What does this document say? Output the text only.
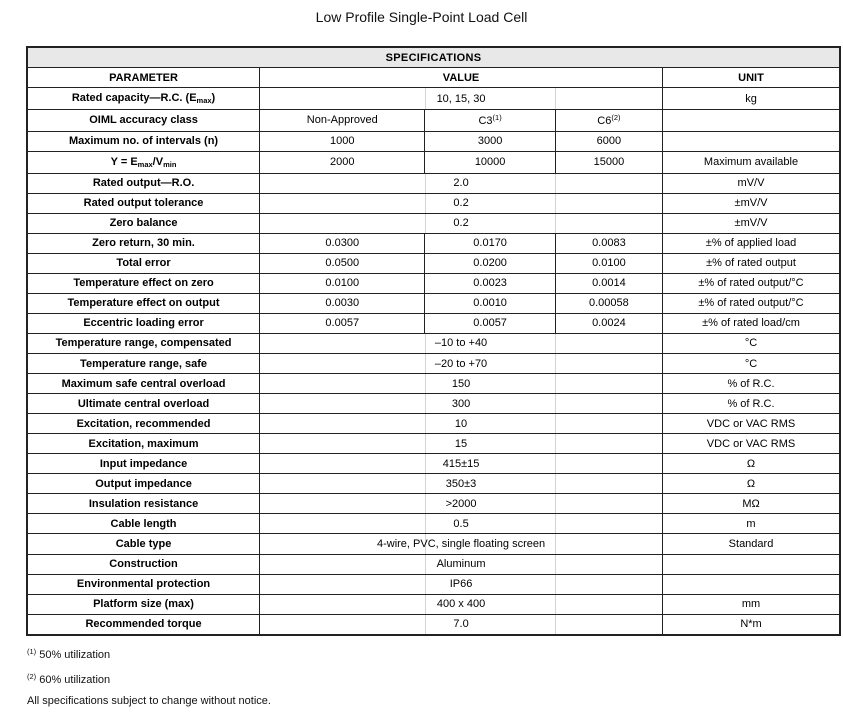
Low Profile Single-Point Load Cell
SPECIFICATIONS				
PARAMETER	VALUE			UNIT
Rated capacity—R.C. $(E_{max})$	10, 15, 30			kg
OIML accuracy class	Non-Approved	C3$^{(1)}$	C6$^{(2)}$	
Maximum no. of intervals (n)	1000	3000	6000	
$Y = E_{max}/V_{min}$	2000	10000	15000	Maximum available
Rated output—R.O.	2.0			mV/V
Rated output tolerance	0.2			±mV/V
Zero balance	0.2			±mV/V
Zero return, 30 min.	0.0300	0.0170	0.0083	±% of applied load
Total error	0.0500	0.0200	0.0100	±% of rated output
Temperature effect on zero	0.0100	0.0023	0.0014	±% of rated output/°C
Temperature effect on output	0.0030	0.0010	0.00058	±% of rated output/°C
Eccentric loading error	0.0057	0.0057	0.0024	±% of rated load/cm
Temperature range, compensated	–10 to +40			°C
Temperature range, safe	–20 to +70			°C
Maximum safe central overload	150			% of R.C.
Ultimate central overload	300			% of R.C.
Excitation, recommended	10			VDC or VAC RMS
Excitation, maximum	15			VDC or VAC RMS
Input impedance	415±15			Ω
Output impedance	350±3			Ω
Insulation resistance	>2000			MΩ
Cable length	0.5			m
Cable type	4-wire, PVC, single floating screen			Standard
Construction	Aluminum			
Environmental protection	IP66			
Platform size (max)	400 x 400			mm
Recommended torque	7.0			N*m
$^{(1)}$ 50% utilization
$^{(2)}$ 60% utilization
All specifications subject to change without notice.
